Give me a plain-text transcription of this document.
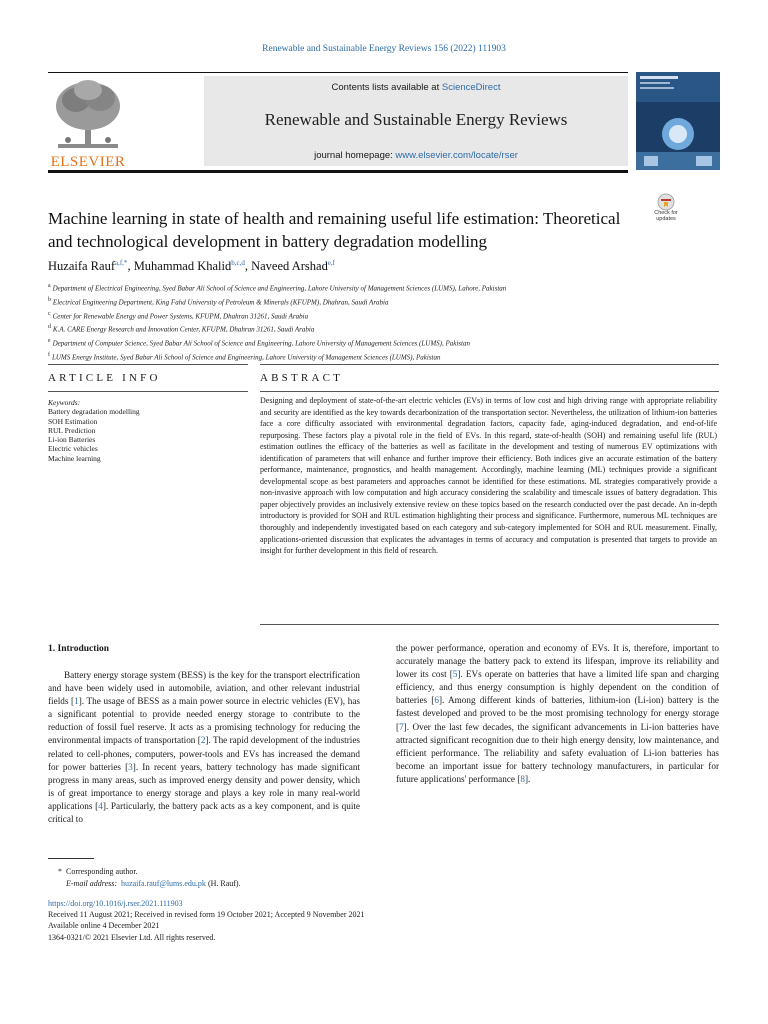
Renewable and Sustainable Energy Reviews 156 (2022) 111903
ELSEVIER
Contents lists available at ScienceDirect
Renewable and Sustainable Energy Reviews
journal homepage: www.elsevier.com/locate/rser
Check for updates
Machine learning in state of health and remaining useful life estimation: Theoretical and technological development in battery degradation modelling
Huzaifa Rauf$^{a,f,*}$, Muhammad Khalid$^{b,c,d}$, Naveed Arshad$^{e,f}$
$^a$ Department of Electrical Engineering, Syed Babar Ali School of Science and Engineering, Lahore University of Management Sciences (LUMS), Lahore, Pakistan
$^b$ Electrical Engineering Department, King Fahd University of Petroleum & Minerals (KFUPM), Dhahran, Saudi Arabia
$^c$ Center for Renewable Energy and Power Systems, KFUPM, Dhahran 31261, Saudi Arabia
$^d$ K.A. CARE Energy Research and Innovation Center, KFUPM, Dhahran 31261, Saudi Arabia
$^e$ Department of Computer Science, Syed Babar Ali School of Science and Engineering, Lahore University of Management Sciences (LUMS), Pakistan
$^f$ LUMS Energy Institute, Syed Babar Ali School of Science and Engineering, Lahore University of Management Sciences (LUMS), Pakistan
ARTICLE INFO	ABSTRACT
Keywords:
Battery degradation modelling
SOH Estimation
RUL Prediction
Li-ion Batteries
Electric vehicles
Machine learning

Designing and deployment of state-of-the-art electric vehicles (EVs) in terms of low cost and high driving range with appropriate reliability and security are identified as the key towards decarbonization of the transportation sector. Nevertheless, the utilization of lithium-ion batteries face a core difficulty associated with environmental degradation factors, capacity fade, aging-induced degradation, and end-of-life repurposing. These factors play a pivotal role in the field of EVs. In this regard, state-of-health (SOH) and remaining useful life (RUL) estimation outlines the efficacy of the batteries as well as facilitate in the development and testing of numerous EV optimizations with identification of parameters that will enhance and further improve their efficiency. Both indices give an accurate estimation of the battery performance, maintenance, prognostics, and health management. Accordingly, machine learning (ML) techniques provide a significant developmental scope as best parameters and approaches cannot be identified for these estimations. ML strategies comparatively provide a non-invasive approach with low computation and high accuracy considering the scalability and timescale issues of battery degradation. This paper objectively provides an inclusively extensive review on these topics based on the research conducted over the past decade. An in-depth introductory is provided for SOH and RUL estimation highlighting their process and significance. Furthermore, numerous ML techniques are thoroughly and independently investigated based on each category and sub-category implemented for SOH and RUL measurement. Finally, applications-oriented discussion that explicates the advantages in terms of accuracy and computation is presented that targets to provide an insight for further development in this field of research.

1. Introduction

Battery energy storage system (BESS) is the key for the transport electrification and have been widely used in automobile, aviation, and other relevant industrial fields [1]. The usage of BESS as a main power source in electric vehicles (EV), has a significant potential to provide needed energy storage to contribute to the reduction of fossil fuel reserve. It acts as a promising technology for reducing the environmental impacts of transportation [2]. The rapid development of the industries related to cell-phones, computers, power-tools and EVs has increased the demand for power batteries [3]. In recent years, battery technology has made significant progress in many areas, such as improved energy density and power density, which is of great importance to energy storage and plays a key role in many real-world applications [4]. Particularly, the battery pack acts as a key component, and is quite critical to

the power performance, operation and economy of EVs. It is, therefore, important to accurately manage the battery pack to extend its lifespan, improve its reliability and lower its cost [5]. EVs operate on batteries that have a limited life span and charging efficiency, and thus energy consumption is highly dependent on the condition of batteries [6]. Among different kinds of batteries, lithium-ion (Li-ion) battery is the fastest developed and proved to be the most promising technology for energy storage [7]. Over the last few decades, the significant advancements in Li-ion batteries have attracted significant recognition due to their high energy density, low maintenance, and efficient performance. The reliability and safety evaluation of Li-ion batteries has become an important issue for battery technology manufacturers, in particular for future applications' performance [8].

* Corresponding author.
E-mail address: huzaifa.rauf@lums.edu.pk (H. Rauf).
https://doi.org/10.1016/j.rser.2021.111903
Received 11 August 2021; Received in revised form 19 October 2021; Accepted 9 November 2021
Available online 4 December 2021
1364-0321/© 2021 Elsevier Ltd. All rights reserved.
